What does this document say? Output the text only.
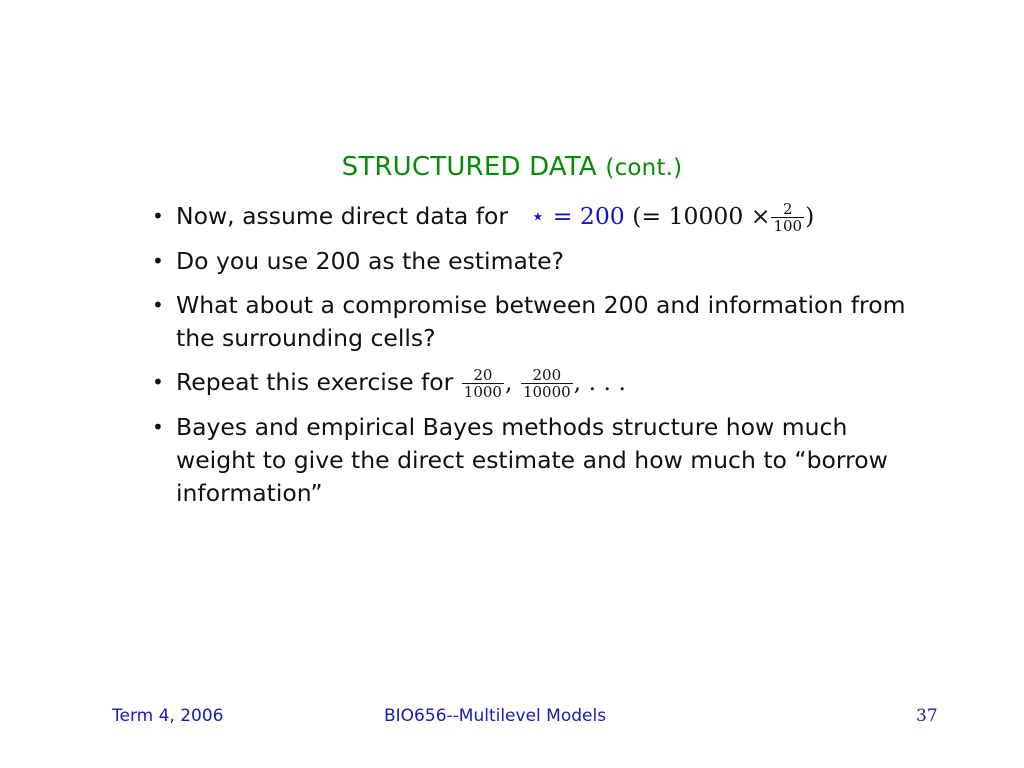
STRUCTURED DATA (cont.)
• Now, assume direct data for ⋆ = 200 (= $10000 \times \frac{2}{100}$ )
• Do you use 200 as the estimate?
• What about a compromise between 200 and information from the surrounding cells?
• Repeat this exercise for $\frac{20}{1000}$ , $\frac{200}{10000}$ , . . .
• Bayes and empirical Bayes methods structure how much weight to give the direct estimate and how much to “borrow information”
Term 4, 2006	BIO656--Multilevel Models	37
